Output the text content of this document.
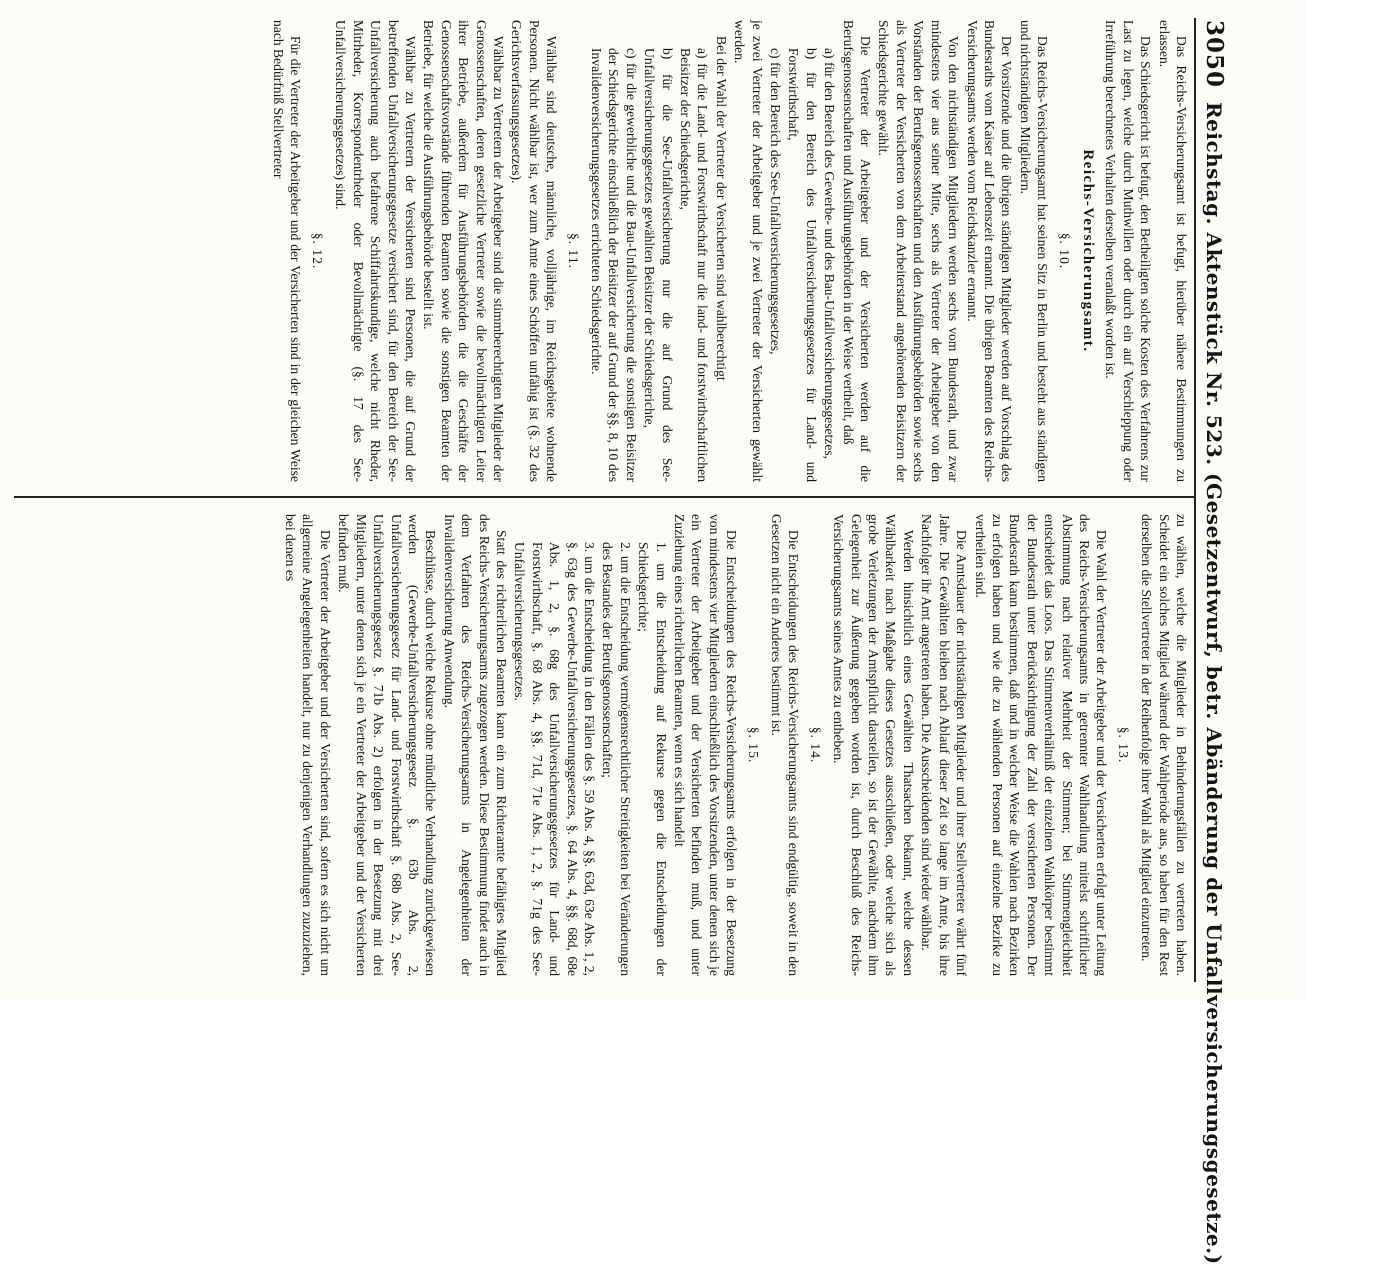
3050
Reichstag. Aktenstück Nr. 523. (Gesetzentwurf, betr. Abänderung der Unfallversicherungsgesetze.)

Das Reichs-Versicherungsamt ist befugt, hierüber nähere Bestimmungen zu erlassen.

Das Schiedsgericht ist befugt, den Betheiligten solche Kosten des Verfahrens zur Last zu legen, welche durch Muthwillen oder durch ein auf Verschleppung oder Irreführung berechnetes Verhalten derselben veranlaßt worden ist.

Reichs-Versicherungsamt.
§. 10.

Das Reichs-Versicherungsamt hat seinen Sitz in Berlin und besteht aus ständigen und nichtständigen Mitgliedern.

Der Vorsitzende und die übrigen ständigen Mitglieder werden auf Vorschlag des Bundesraths vom Kaiser auf Lebenszeit ernannt. Die übrigen Beamten des Reichs-Versicherungsamts werden vom Reichskanzler ernannt.

Von den nichtständigen Mitgliedern werden sechs vom Bundesrath, und zwar mindestens vier aus seiner Mitte, sechs als Vertreter der Arbeitgeber von den Vorständen der Berufsgenossenschaften und den Ausführungsbehörden sowie sechs als Vertreter der Versicherten von dem Arbeiterstand angehörenden Beisitzern der Schiedsgerichte gewählt.

Die Vertreter der Arbeitgeber und der Versicherten werden auf die Berufsgenossenschaften und Ausführungsbehörden in der Weise vertheilt, daß

a) für den Bereich des Gewerbe- und des Bau-Unfallversicherungsgesetzes,

b) für den Bereich des Unfallversicherungsgesetzes für Land- und Forstwirthschaft,

c) für den Bereich des See-Unfallversicherungsgesetzes,

je zwei Vertreter der Arbeitgeber und je zwei Vertreter der Versicherten gewählt werden.

Bei der Wahl der Vertreter der Versicherten sind wahlberechtigt

a) für die Land- und Forstwirthschaft nur die land- und forstwirthschaftlichen Beisitzer der Schiedsgerichte,

b) für die See-Unfallversicherung nur die auf Grund des See-Unfallversicherungsgesetzes gewählten Beisitzer der Schiedsgerichte,

c) für die gewerbliche und die Bau-Unfallversicherung die sonstigen Beisitzer der Schiedsgerichte einschließlich der Beisitzer der auf Grund der §§. 8, 10 des Invalidenversicherungsgesetzes errichteten Schiedsgerichte.

§. 11.

Wählbar sind deutsche, männliche, volljährige, im Reichsgebiete wohnende Personen. Nicht wählbar ist, wer zum Amte eines Schöffen unfähig ist (§. 32 des Gerichtsverfassungsgesetzes).

Wählbar zu Vertretern der Arbeitgeber sind die stimmberechtigten Mitglieder der Genossenschaften, deren gesetzliche Vertreter sowie die bevollmächtigten Leiter ihrer Betriebe, außerdem für Ausführungsbehörden die die Geschäfte der Genossenschaftsvorstände führenden Beamten sowie die sonstigen Beamten der Betriebe, für welche die Ausführungsbehörde bestellt ist.

Wählbar zu Vertretern der Versicherten sind Personen, die auf Grund der betreffenden Unfallversicherungsgesetze versichert sind, für den Bereich der See-Unfallversicherung auch befahrene Schiffahrtskundige, welche nicht Rheder, Mitrheder, Korrespondentrheder oder Bevollmächtigte (§. 17 des See-Unfallversicherungsgesetzes) sind.

§. 12.

Für die Vertreter der Arbeitgeber und der Versicherten sind in der gleichen Weise nach Bedürfniß Stellvertreter

zu wählen, welche die Mitglieder in Behinderungsfällen zu vertreten haben. Scheidet ein solches Mitglied während der Wahlperiode aus, so haben für den Rest derselben die Stellvertreter in der Reihenfolge ihrer Wahl als Mitglied einzutreten.

§. 13.

Die Wahl der Vertreter der Arbeitgeber und der Versicherten erfolgt unter Leitung des Reichs-Versicherungsamts in getrennter Wahlhandlung mittelst schriftlicher Abstimmung nach relativer Mehrheit der Stimmen; bei Stimmengleichheit entscheidet das Loos. Das Stimmenverhältniß der einzelnen Wahlkörper bestimmt der Bundesrath unter Berücksichtigung der Zahl der versicherten Personen. Der Bundesrath kann bestimmen, daß und in welcher Weise die Wahlen nach Bezirken zu erfolgen haben und wie die zu wählenden Personen auf einzelne Bezirke zu vertheilen sind.

Die Amtsdauer der nichtständigen Mitglieder und ihrer Stellvertreter währt fünf Jahre. Die Gewählten bleiben nach Ablauf dieser Zeit so lange im Amte, bis ihre Nachfolger ihr Amt angetreten haben. Die Ausscheidenden sind wieder wählbar.

Werden hinsichtlich eines Gewählten Thatsachen bekannt, welche dessen Wählbarkeit nach Maßgabe dieses Gesetzes ausschließen, oder welche sich als grobe Verletzungen der Amtspflicht darstellen, so ist der Gewählte, nachdem ihm Gelegenheit zur Äußerung gegeben worden ist, durch Beschluß des Reichs-Versicherungsamts seines Amtes zu entheben.

§. 14.

Die Entscheidungen des Reichs-Versicherungsamts sind endgültig, soweit in den Gesetzen nicht ein Anderes bestimmt ist.

§. 15.

Die Entscheidungen des Reichs-Versicherungsamts erfolgen in der Besetzung von mindestens vier Mitgliedern einschließlich des Vorsitzenden, unter denen sich je ein Vertreter der Arbeitgeber und der Versicherten befinden muß, und unter Zuziehung eines richterlichen Beamten, wenn es sich handelt

1. um die Entscheidung auf Rekurse gegen die Entscheidungen der Schiedsgerichte;

2. um die Entscheidung vermögensrechtlicher Streitigkeiten bei Veränderungen des Bestandes der Berufsgenossenschaften;

3. um die Entscheidung in den Fällen des §. 59 Abs. 4, §§. 63d, 63e Abs. 1, 2, §. 63g des Gewerbe-Unfallversicherungsgesetzes, §. 64 Abs. 4, §§. 68d, 68e Abs. 1, 2, §. 68g des Unfallversicherungsgesetzes für Land- und Forstwirthschaft, §. 68 Abs. 4, §§. 71d, 71e Abs. 1, 2, §. 71g des See-Unfallversicherungsgesetzes.

Statt des richterlichen Beamten kann ein zum Richteramte befähigtes Mitglied des Reichs-Versicherungsamts zugezogen werden. Diese Bestimmung findet auch in dem Verfahren des Reichs-Versicherungsamts in Angelegenheiten der Invalidenversicherung Anwendung.

Beschlüsse, durch welche Rekurse ohne mündliche Verhandlung zurückgewiesen werden (Gewerbe-Unfallversicherungsgesetz §. 63b Abs. 2, Unfallversicherungsgesetz für Land- und Forstwirthschaft §. 68b Abs. 2, See-Unfallversicherungsgesetz §. 71b Abs. 2) erfolgen in der Besetzung mit drei Mitgliedern, unter denen sich je ein Vertreter der Arbeitgeber und der Versicherten befinden muß.

Die Vertreter der Arbeitgeber und der Versicherten sind, sofern es sich nicht um allgemeine Angelegenheiten handelt, nur zu denjenigen Verhandlungen zuzuziehen, bei denen es
